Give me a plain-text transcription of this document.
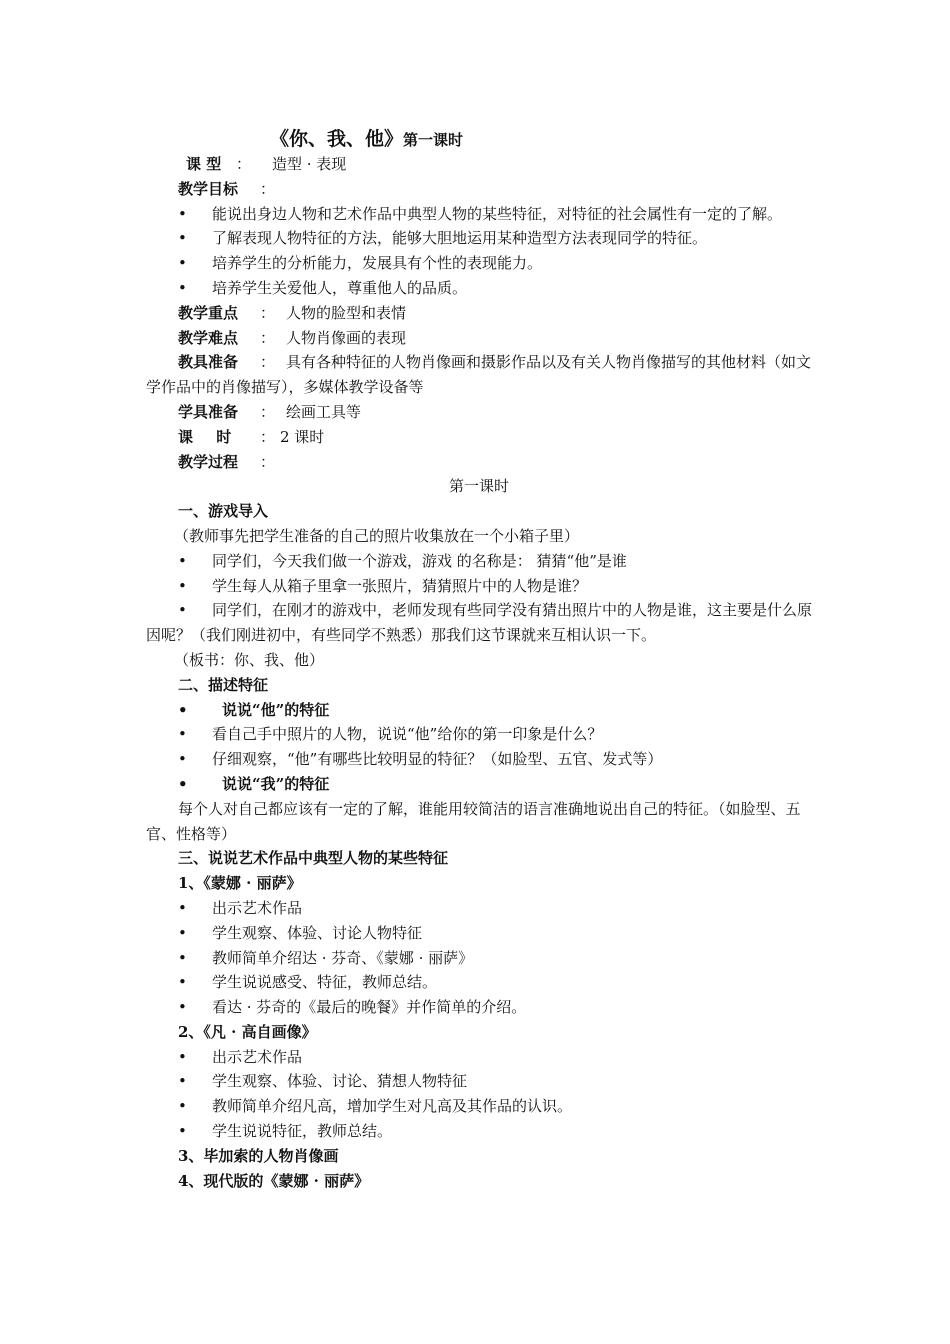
《你、我、他》第一课时
课 型 ： 造型 · 表现
教学目标 ：
• 能说出身边人物和艺术作品中典型人物的某些特征，对特征的社会属性有一定的了解。
• 了解表现人物特征的方法，能够大胆地运用某种造型方法表现同学的特征。
• 培养学生的分析能力，发展具有个性的表现能力。
• 培养学生关爱他人，尊重他人的品质。
教学重点 ： 人物的脸型和表情
教学难点 ： 人物肖像画的表现
教具准备 ： 具有各种特征的人物肖像画和摄影作品以及有关人物肖像描写的其他材料（如文学作品中的肖像描写），多媒体教学设备等
学具准备 ： 绘画工具等
课 时 ： 2 课时
教学过程 ：
第一课时
一、游戏导入
（教师事先把学生准备的自己的照片收集放在一个小箱子里）
• 同学们，今天我们做一个游戏，游戏 的名称是： 猜猜“他”是谁
• 学生每人从箱子里拿一张照片，猜猜照片中的人物是谁？
• 同学们，在刚才的游戏中，老师发现有些同学没有猜出照片中的人物是谁，这主要是什么原因呢？（我们刚进初中，有些同学不熟悉）那我们这节课就来互相认识一下。
（板书：你、我、他）
二、描述特征
• 说说“他”的特征
• 看自己手中照片的人物，说说“他”给你的第一印象是什么？
• 仔细观察，“他”有哪些比较明显的特征？（如脸型、五官、发式等）
• 说说“我”的特征
每个人对自己都应该有一定的了解，谁能用较简洁的语言准确地说出自己的特征。（如脸型、五官、性格等）
三、说说艺术作品中典型人物的某些特征
1、《蒙娜 · 丽萨》
• 出示艺术作品
• 学生观察、体验、讨论人物特征
• 教师简单介绍达 · 芬奇、《蒙娜 · 丽萨》
• 学生说说感受、特征，教师总结。
• 看达 · 芬奇的《最后的晚餐》并作简单的介绍。
2、《凡 · 高自画像》
• 出示艺术作品
• 学生观察、体验、讨论、猜想人物特征
• 教师简单介绍凡高，增加学生对凡高及其作品的认识。
• 学生说说特征，教师总结。
3、毕加索的人物肖像画
4、现代版的《蒙娜 · 丽萨》
